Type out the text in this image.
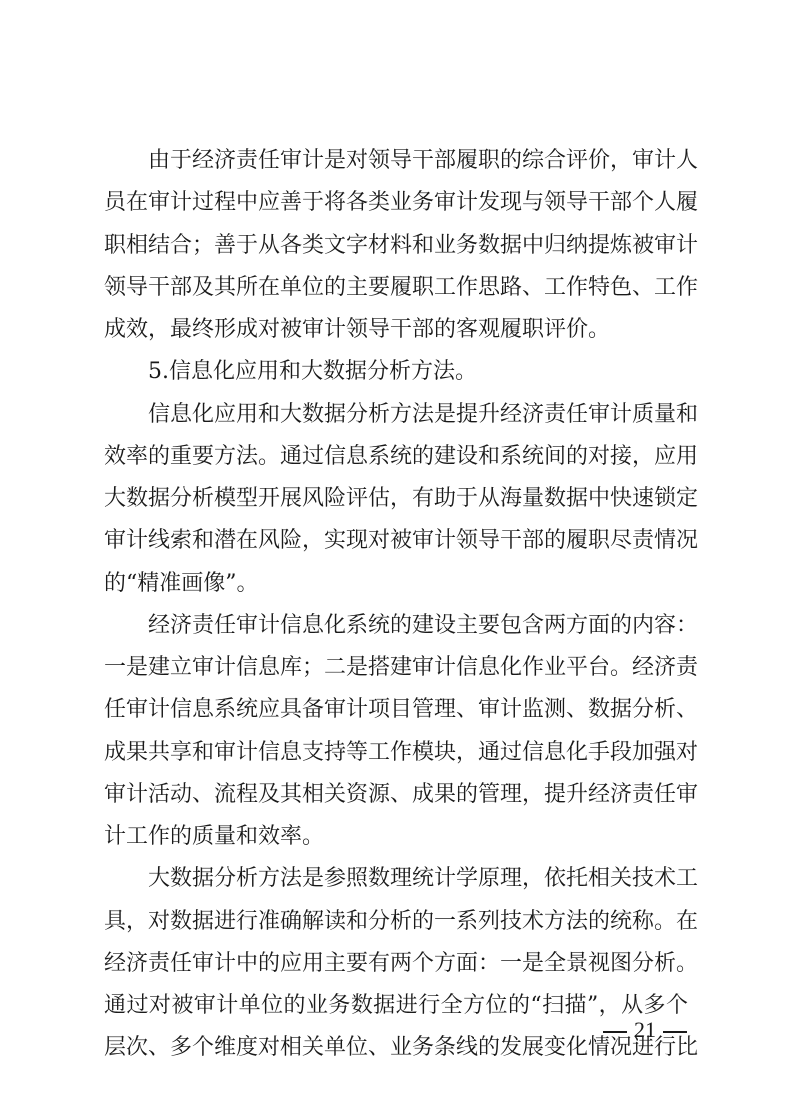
由于经济责任审计是对领导干部履职的综合评价，审计人
员在审计过程中应善于将各类业务审计发现与领导干部个人履
职相结合；善于从各类文字材料和业务数据中归纳提炼被审计
领导干部及其所在单位的主要履职工作思路、工作特色、工作
成效，最终形成对被审计领导干部的客观履职评价。
5.信息化应用和大数据分析方法。
信息化应用和大数据分析方法是提升经济责任审计质量和
效率的重要方法。通过信息系统的建设和系统间的对接，应用
大数据分析模型开展风险评估，有助于从海量数据中快速锁定
审计线索和潜在风险，实现对被审计领导干部的履职尽责情况
的“精准画像”。
经济责任审计信息化系统的建设主要包含两方面的内容：
一是建立审计信息库；二是搭建审计信息化作业平台。经济责
任审计信息系统应具备审计项目管理、审计监测、数据分析、
成果共享和审计信息支持等工作模块，通过信息化手段加强对
审计活动、流程及其相关资源、成果的管理，提升经济责任审
计工作的质量和效率。
大数据分析方法是参照数理统计学原理，依托相关技术工
具，对数据进行准确解读和分析的一系列技术方法的统称。在
经济责任审计中的应用主要有两个方面：一是全景视图分析。
通过对被审计单位的业务数据进行全方位的“扫描”，从多个
层次、多个维度对相关单位、业务条线的发展变化情况进行比
21
